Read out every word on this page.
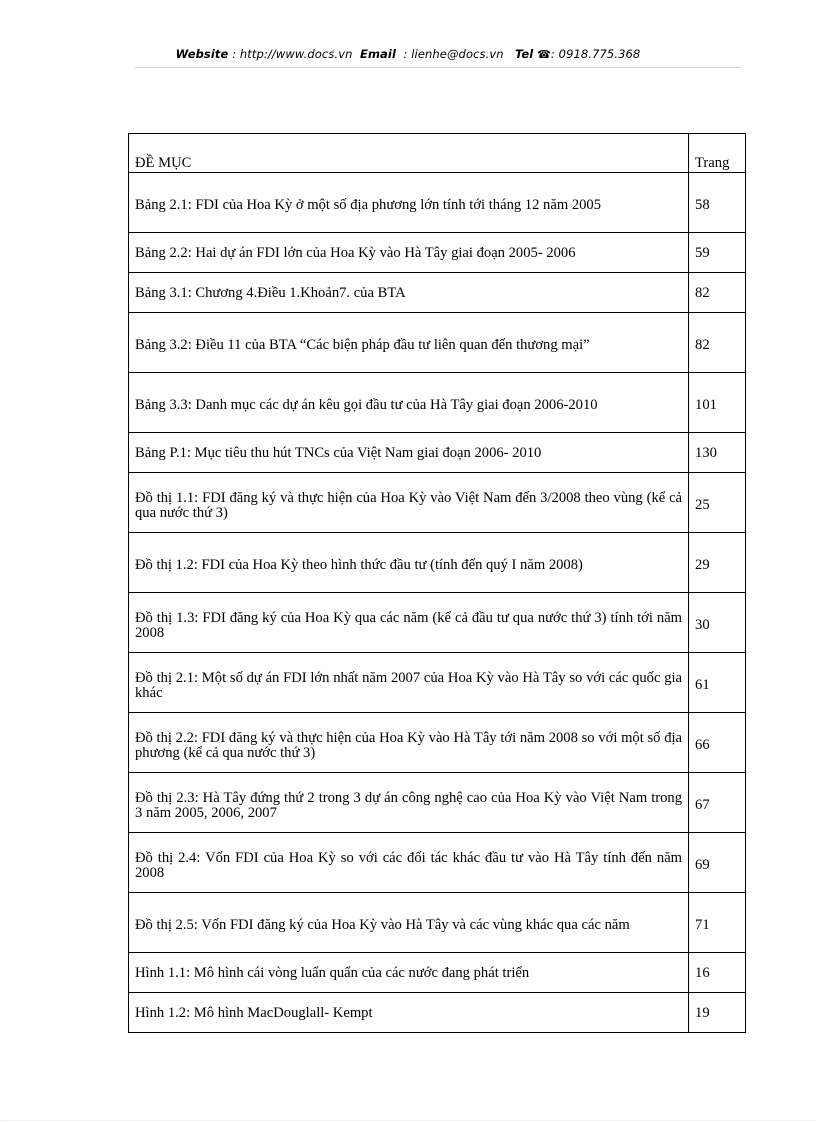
Website : http://www.docs.vn Email : lienhe@docs.vn Tel ☎: 0918.775.368
ĐỀ MỤC	Trang
Bảng 2.1: FDI của Hoa Kỳ ở một số địa phương lớn tính tới tháng 12 năm 2005	58
Bảng 2.2: Hai dự án FDI lớn của Hoa Kỳ vào Hà Tây giai đoạn 2005- 2006	59
Bảng 3.1: Chương 4.Điều 1.Khoản7. của BTA	82
Bảng 3.2: Điều 11 của BTA “Các biện pháp đầu tư liên quan đến thương mại”	82
Bảng 3.3: Danh mục các dự án kêu gọi đầu tư của Hà Tây giai đoạn 2006-2010	101
Bảng P.1: Mục tiêu thu hút TNCs của Việt Nam giai đoạn 2006- 2010	130
Đồ thị 1.1: FDI đăng ký và thực hiện của Hoa Kỳ vào Việt Nam đến 3/2008 theo vùng (kể cả qua nước thứ 3)	25
Đồ thị 1.2: FDI của Hoa Kỳ theo hình thức đầu tư (tính đến quý I năm 2008)	29
Đồ thị 1.3: FDI đăng ký của Hoa Kỳ qua các năm (kể cả đầu tư qua nước thứ 3) tính tới năm 2008	30
Đồ thị 2.1: Một số dự án FDI lớn nhất năm 2007 của Hoa Kỳ vào Hà Tây so với các quốc gia khác	61
Đồ thị 2.2: FDI đăng ký và thực hiện của Hoa Kỳ vào Hà Tây tới năm 2008 so với một số địa phương (kể cả qua nước thứ 3)	66
Đồ thị 2.3: Hà Tây đứng thứ 2 trong 3 dự án công nghệ cao của Hoa Kỳ vào Việt Nam trong 3 năm 2005, 2006, 2007	67
Đồ thị 2.4: Vốn FDI của Hoa Kỳ so với các đối tác khác đầu tư vào Hà Tây tính đến năm 2008	69
Đồ thị 2.5: Vốn FDI đăng ký của Hoa Kỳ vào Hà Tây và các vùng khác qua các năm	71
Hình 1.1: Mô hình cái vòng luẩn quẩn của các nước đang phát triển	16
Hình 1.2: Mô hình MacDouglall- Kempt	19
